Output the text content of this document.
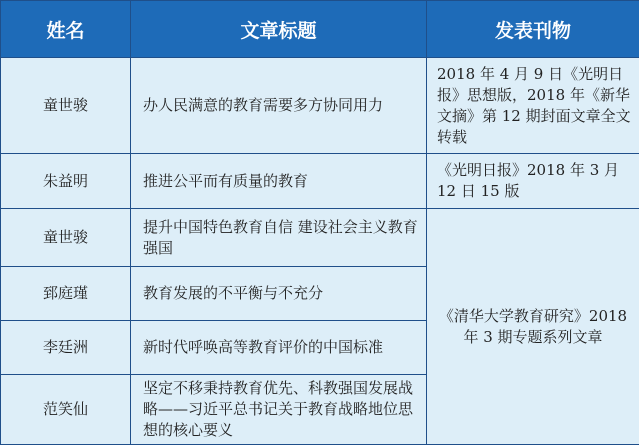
姓名	文章标题	发表刊物
童世骏	办人民满意的教育需要多方协同用力	2018 年 4 月 9 日《光明日报》思想版，2018 年《新华文摘》第 12 期封面文章全文转载
朱益明	推进公平而有质量的教育	《光明日报》2018 年 3 月 12 日 15 版
童世骏	提升中国特色教育自信 建设社会主义教育强国	《清华大学教育研究》2018 年 3 期专题系列文章
郅庭瑾	教育发展的不平衡与不充分	
李廷洲	新时代呼唤高等教育评价的中国标准	
范笑仙	坚定不移秉持教育优先、科教强国发展战略——习近平总书记关于教育战略地位思想的核心要义	
